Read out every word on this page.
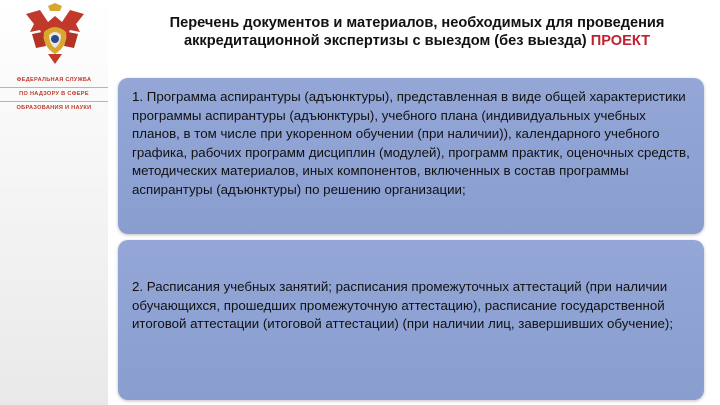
ФЕДЕРАЛЬНАЯ СЛУЖБА
ПО НАДЗОРУ В СФЕРЕ
ОБРАЗОВАНИЯ И НАУКИ
Перечень документов и материалов, необходимых для проведения
аккредитационной экспертизы с выездом (без выезда) ПРОЕКТ

1. Программа аспирантуры (адъюнктуры), представленная в виде общей характеристики программы аспирантуры (адъюнктуры), учебного плана (индивидуальных учебных планов, в том числе при укоренном обучении (при наличии)), календарного учебного графика, рабочих программ дисциплин (модулей), программ практик, оценочных средств, методических материалов, иных компонентов, включенных в состав программы аспирантуры (адъюнктуры) по решению организации;

2. Расписания учебных занятий; расписания промежуточных аттестаций (при наличии обучающихся, прошедших промежуточную аттестацию), расписание государственной итоговой аттестации (итоговой аттестации) (при наличии лиц, завершивших обучение);
